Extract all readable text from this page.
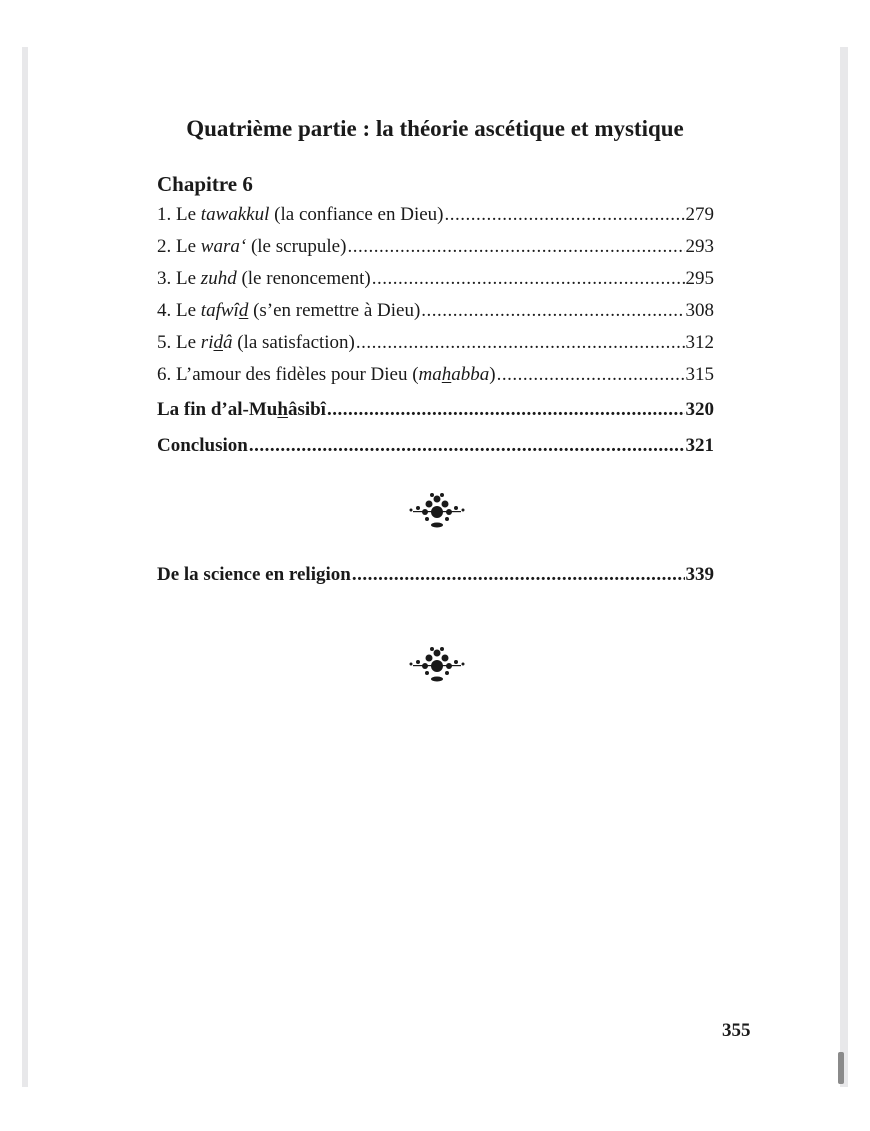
Quatrième partie : la théorie ascétique et mystique
Chapitre 6
1. Le tawakkul (la confiance en Dieu) .....	279
2. Le wara‘ (le scrupule) .....	293
3. Le zuhd (le renoncement) .....	295
4. Le tafwîd (s’en remettre à Dieu) .....	308
5. Le ridâ (la satisfaction) .....	312
6. L’amour des fidèles pour Dieu (mahabba) .....	315
La fin d’al-Muhâsibî .....	320
Conclusion .....	321
De la science en religion .....	339
355
